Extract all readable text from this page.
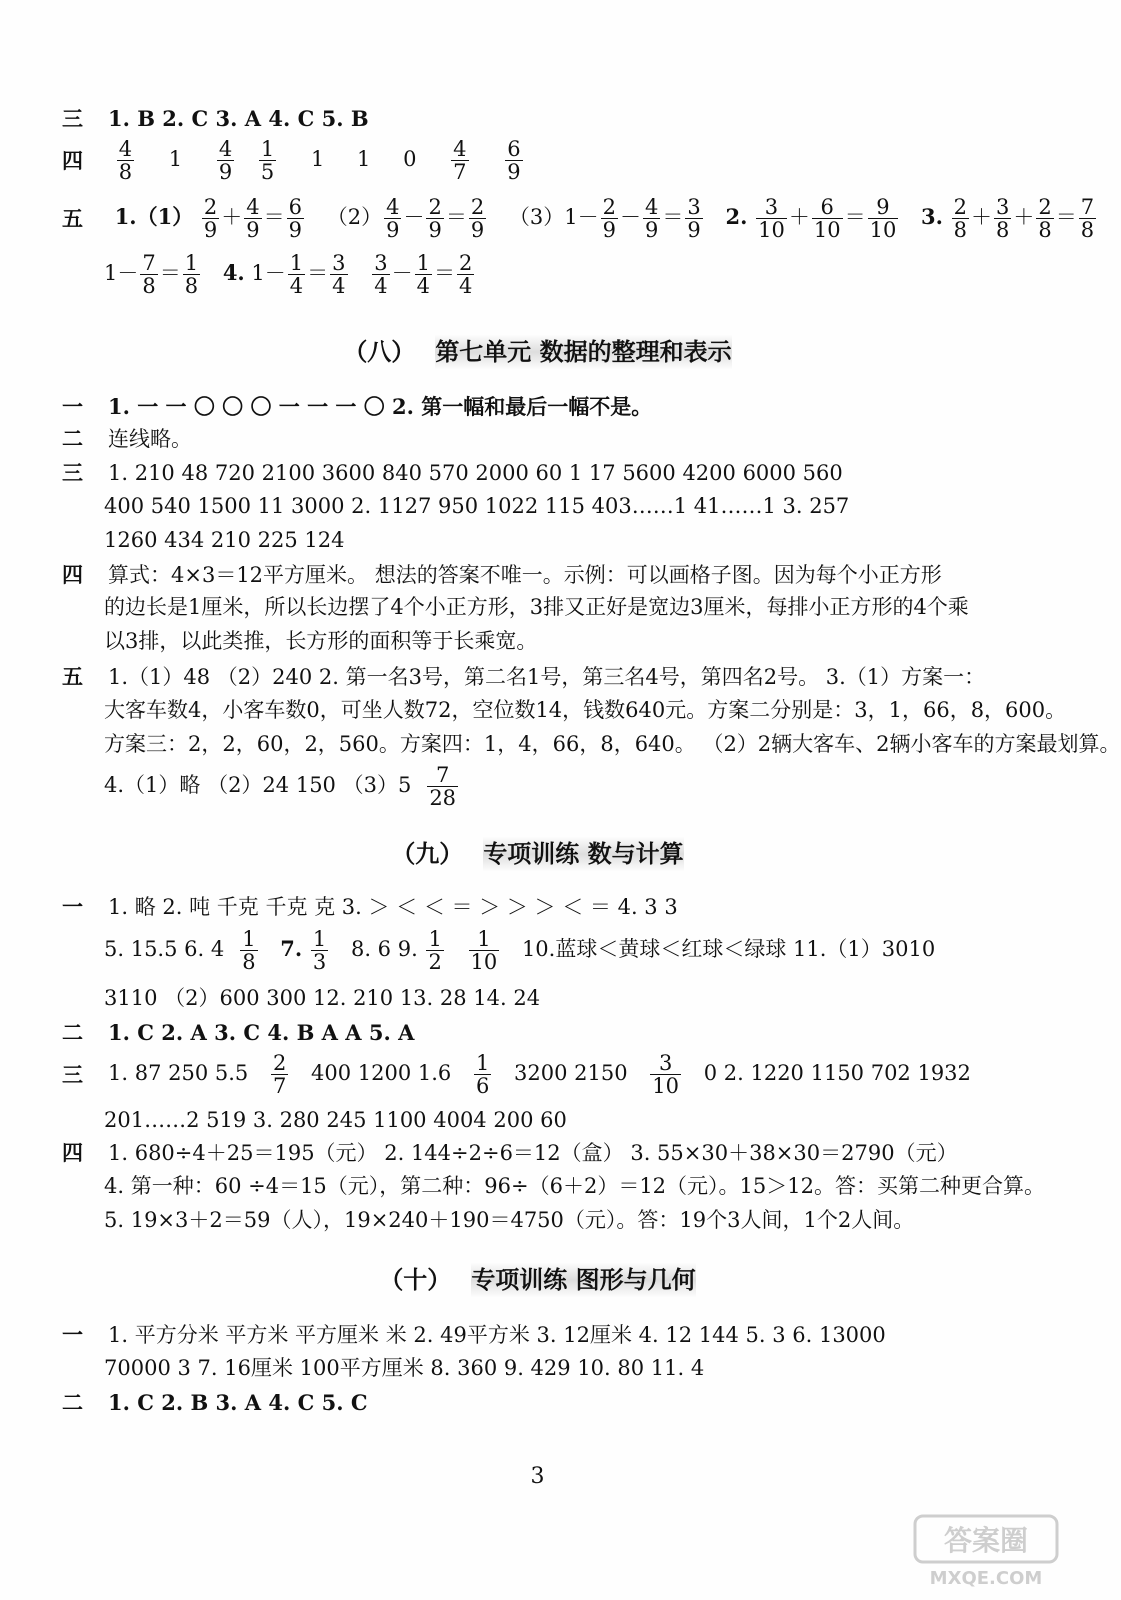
三 1. B 2. C 3. A 4. C 5. B
四 $\frac{4}{8} 1 \frac{4}{9}$
$\frac{1}{5} 1$ 1 $0 \frac{4}{7}$
$\frac{6}{9}$
五 $1.(1) \frac{2}{9} + \frac{4}{9} = \frac{6}{9} (2) \frac{4}{9} - \frac{2}{9} = \frac{2}{9} (3)1- \frac{2}{9} - \frac{4}{9} = \frac{3}{9} 2$. $\frac{3}{10} + \frac{6}{10} = \frac{9}{10} 3$. $\frac{2}{8} + \frac{3}{8} + \frac{2}{8} = \frac{7}{8}$
$1- \frac{7}{8} = \frac{1}{8} 4$. $1- \frac{1}{4} = \frac{3}{4}$
$\frac{3}{4} - \frac{1}{4} = \frac{2}{4}$
（八） 第七单元 数据的整理和表示
一 1. 一 一 〇 〇 〇 一 一 一 〇 2. 第一幅和最后一幅不是。
二 连线略。
三 1. 210 48 720 2100 3600 840 570 2000 60 1 17 5600 4200 6000 560
400 540 1500 11 3000 2. 1127 950 1022 115 403……1 41……1 3. 257
1260 434 210 225 124
四 算式：4×3＝12平方厘米。 想法的答案不唯一。示例：可以画格子图。因为每个小正方形
的边长是1厘米，所以长边摆了4个小正方形，3排又正好是宽边3厘米，每排小正方形的4个乘
以3排，以此类推，长方形的面积等于长乘宽。
五 1.（1）48 （2）240 2. 第一名3号，第二名1号，第三名4号，第四名2号。 3.（1）方案一：
大客车数4，小客车数0，可坐人数72，空位数14，钱数640元。方案二分别是：3，1，66，8，600。
方案三：2，2，60，2，560。方案四：1，4，66，8，640。 （2）2辆大客车、2辆小客车的方案最划算。
4.（1）略 （2）24 150 $(3)5 \frac{7}{28}$
（九） 专项训练 数与计算
一 1. 略 2. 吨 千克 千克 克 3. ＞ ＜ ＜ ＝ ＞ ＞ ＞ ＜ ＝ 4. 3 3
5. 15.5 6. $4 \frac{1}{8} 7$. $\frac{1}{3} 8$. 6 9. $\frac{1}{2}$
$\frac{1}{10} 10$.蓝球＜黄球＜红球＜绿球 11.（1）3010
3110 （2）600 300 12. 210 13. 28 14. 24
二 1. C 2. A 3. C 4. B A A 5. A
三 1. 87 250 $5.5 \frac{2}{7} 400$ 1200 $1.6 \frac{1}{6} 3200$ $2150 \frac{3}{10} 0$ 2. 1220 1150 702 1932
201……2 519 3. 280 245 1100 4004 200 60
四 1. 680÷4＋25＝195（元） 2. 144÷2÷6＝12（盒） 3. 55×30＋38×30＝2790（元）
4. 第一种：60 ÷4＝15（元），第二种：96÷（6＋2）＝12（元）。15＞12。答：买第二种更合算。
5. 19×3＋2＝59（人），19×240＋190＝4750（元）。答：19个3人间，1个2人间。
（十） 专项训练 图形与几何
一 1. 平方分米 平方米 平方厘米 米 2. 49平方米 3. 12厘米 4. 12 144 5. 3 6. 13000
70000 3 7. 16厘米 100平方厘米 8. 360 9. 429 10. 80 11. 4
二 1. C 2. B 3. A 4. C 5. C
3
答案圈
MXQE.COM
